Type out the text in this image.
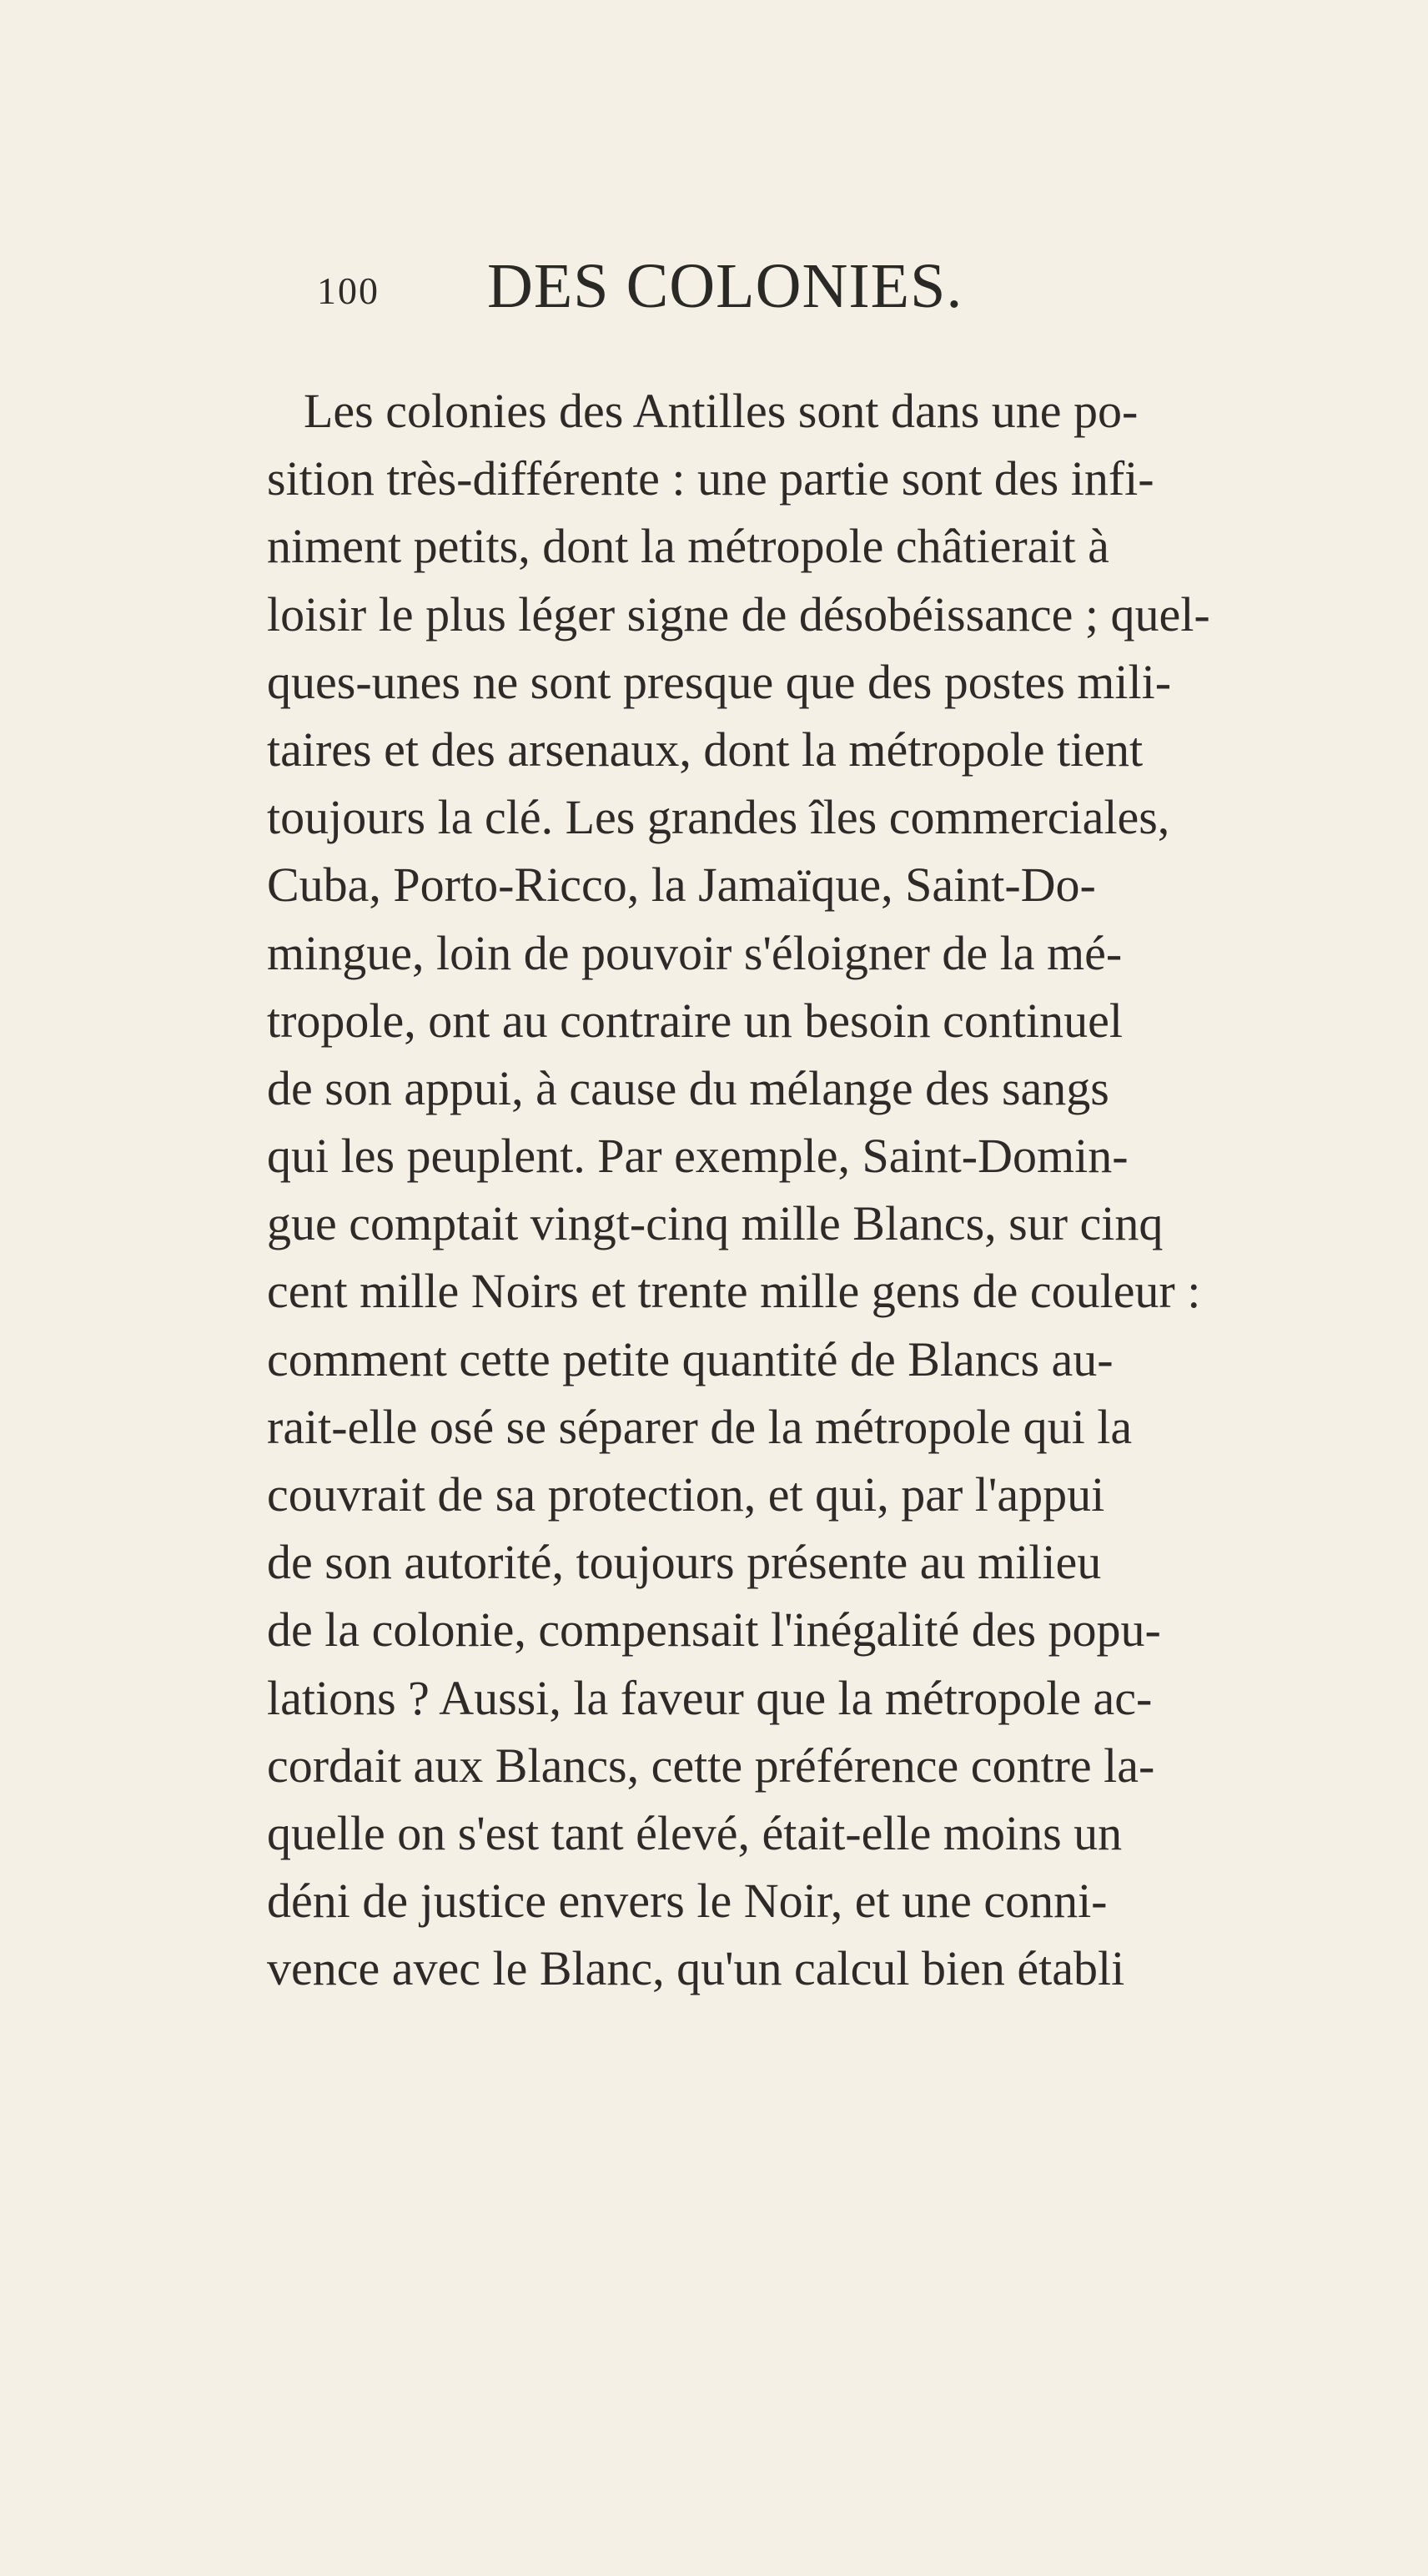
100 DES COLONIES.
Les colonies des Antilles sont dans une po-
sition très-différente : une partie sont des infi-
niment petits, dont la métropole châtierait à
loisir le plus léger signe de désobéissance ; quel-
ques-unes ne sont presque que des postes mili-
taires et des arsenaux, dont la métropole tient
toujours la clé. Les grandes îles commerciales,
Cuba, Porto-Ricco, la Jamaïque, Saint-Do-
mingue, loin de pouvoir s'éloigner de la mé-
tropole, ont au contraire un besoin continuel
de son appui, à cause du mélange des sangs
qui les peuplent. Par exemple, Saint-Domin-
gue comptait vingt-cinq mille Blancs, sur cinq
cent mille Noirs et trente mille gens de couleur :
comment cette petite quantité de Blancs au-
rait-elle osé se séparer de la métropole qui la
couvrait de sa protection, et qui, par l'appui
de son autorité, toujours présente au milieu
de la colonie, compensait l'inégalité des popu-
lations ? Aussi, la faveur que la métropole ac-
cordait aux Blancs, cette préférence contre la-
quelle on s'est tant élevé, était-elle moins un
déni de justice envers le Noir, et une conni-
vence avec le Blanc, qu'un calcul bien établi
